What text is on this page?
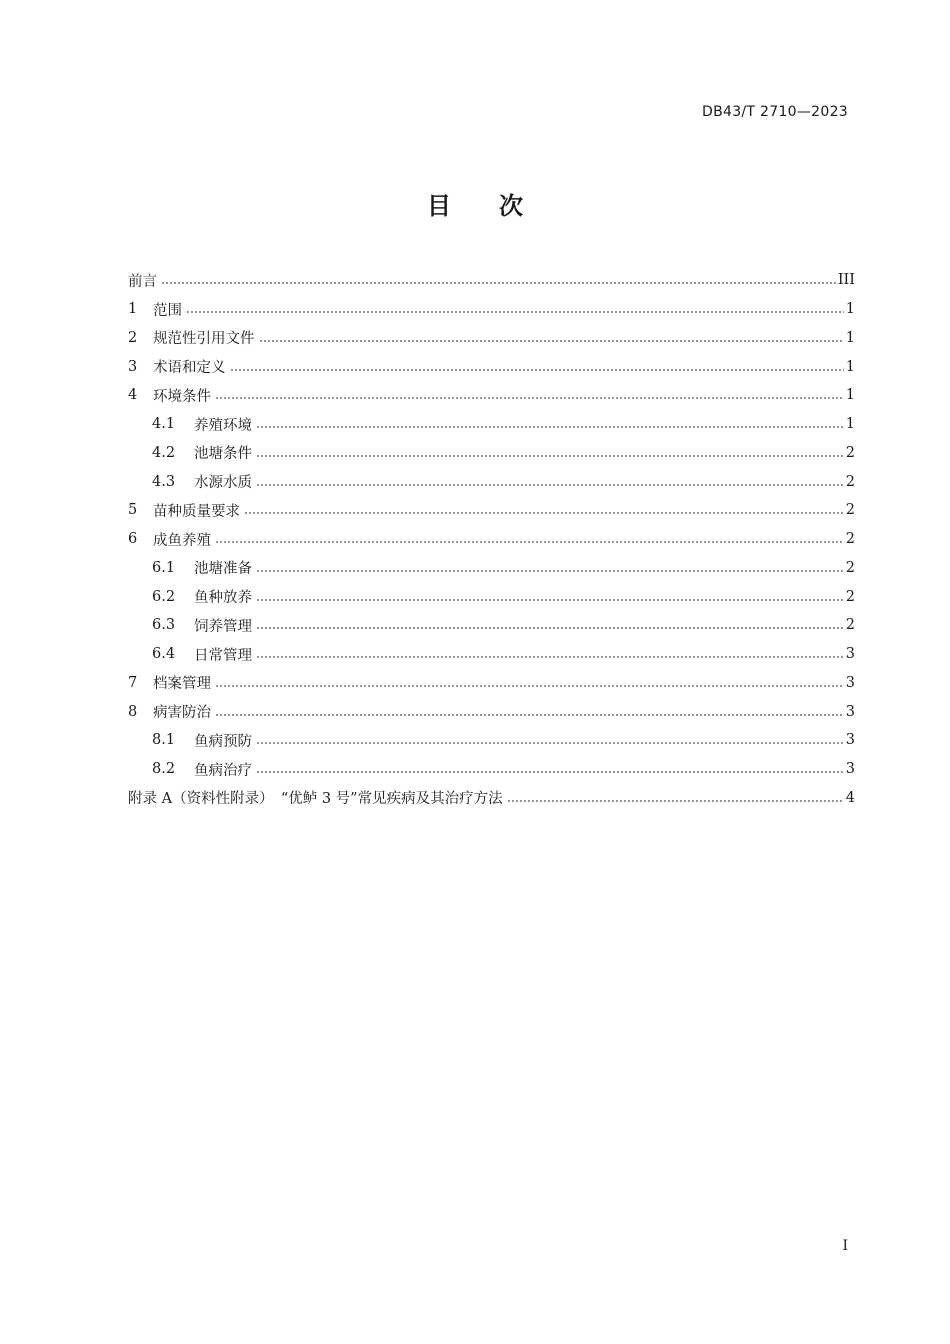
DB43/T 2710—2023
目次
前言	III
1	范围	1
2	规范性引用文件	1
3	术语和定义	1
4	环境条件	1
4.1	养殖环境	1
4.2	池塘条件	2
4.3	水源水质	2
5	苗种质量要求	2
6	成鱼养殖	2
6.1	池塘准备	2
6.2	鱼种放养	2
6.3	饲养管理	2
6.4	日常管理	3
7	档案管理	3
8	病害防治	3
8.1	鱼病预防	3
8.2	鱼病治疗	3
附录 A（资料性附录）　“优鲈 3 号”常见疾病及其治疗方法	4
I
